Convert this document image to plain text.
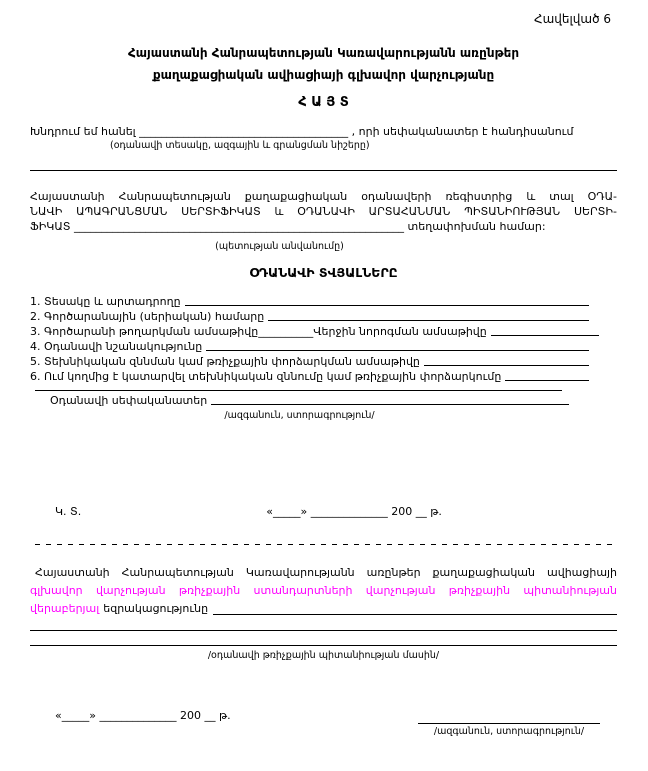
Հավելված 6
Հայաստանի Հանրապետության Կառավարությանն առընթեր
քաղաքացիական ավիացիայի գլխավոր վարչությանը
Հ Ա Յ Տ
Խնդրում եմ հանել ______________________________________ , որի սեփականատեր է հանդիսանում
(օդանավի տեսակը, ազգային և գրանցման նիշերը)
Հայաստանի Հանրապետության քաղաքացիական օդանավերի ռեգիստրից և տալ ՕԴԱ-
ՆԱՎԻ ԱՊԱԳՐԱՆՑՄԱՆ ՍԵՐՏԻՖԻԿԱՏ և ՕԴԱՆԱՎԻ ԱՐՏԱՀԱՆՄԱՆ ՊԻՏԱՆԻՈՒԹՅԱՆ ՍԵՐՏԻ-
ՖԻԿԱՏ ____________________________________________________________ տեղափոխման համար:
(պետության անվանումը)
ՕԴԱՆԱՎԻ ՏՎՅԱԼՆԵՐԸ
1. Տեսակը և արտադրողը
2. Գործարանային (սերիական) համարը
3. Գործարանի թողարկման ամսաթիվը __________ Վերջին նորոգման ամսաթիվը
4. Օդանավի նշանակությունը
5. Տեխնիկական զննման կամ թռիչքային փորձարկման ամսաթիվը
6. Ում կողմից է կատարվել տեխնիկական զննումը կամ թռիչքային փորձարկումը
Օդանավի սեփականատեր
/ազգանուն, ստորագրություն/
Կ. Տ.	«_____» ______________ 200 __ թ.
Հայաստանի Հանրապետության Կառավարությանն առընթեր քաղաքացիական ավիացիայի
գլխավոր վարչության թռիչքային ստանդարտների վարչության թռիչքային պիտանիության
վերաբերյալ եզրակացությունը
/օդանավի թռիչքային պիտանիության մասին/
«_____» ______________ 200 __ թ.
/ազգանուն, ստորագրություն/
